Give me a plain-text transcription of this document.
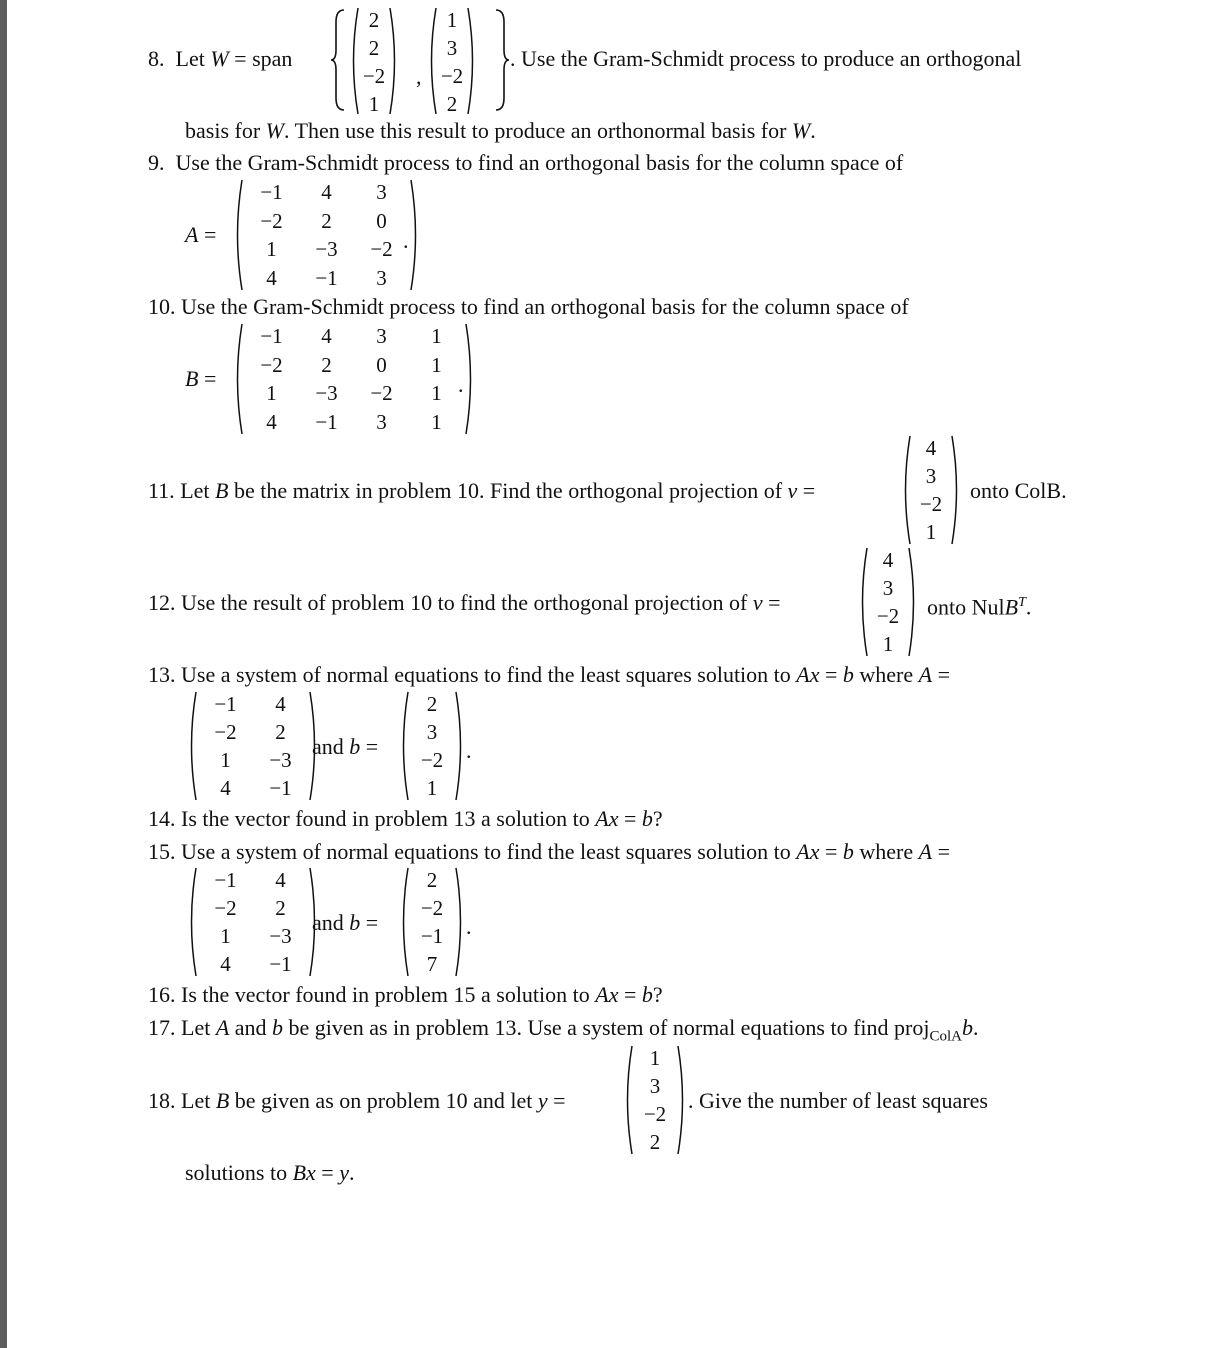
8. Let W = span
2
2
−2
1
,
1
3
−2
2
. Use the Gram-Schmidt process to produce an orthogonal
basis for W. Then use this result to produce an orthonormal basis for W.
9. Use the Gram-Schmidt process to find an orthogonal basis for the column space of
A =
−1	4	3
−2	2	0
1	−3	−2
4	−1	3
.
10. Use the Gram-Schmidt process to find an orthogonal basis for the column space of
B =
−1	4	3	1
−2	2	0	1
1	−3	−2	1
4	−1	3	1
.
11. Let B be the matrix in problem 10. Find the orthogonal projection of v =
4
3
−2
1
onto ColB.
12. Use the result of problem 10 to find the orthogonal projection of v =
4
3
−2
1
onto NulB$^T$.
13. Use a system of normal equations to find the least squares solution to Ax = b where A =
−1	4
−2	2
1	−3
4	−1
and b =
2
3
−2
1
.
14. Is the vector found in problem 13 a solution to Ax = b?
15. Use a system of normal equations to find the least squares solution to Ax = b where A =
−1	4
−2	2
1	−3
4	−1
and b =
2
−2
−1
7
.
16. Is the vector found in problem 15 a solution to Ax = b?
17. Let A and b be given as in problem 13. Use a system of normal equations to find proj$_{ColA}$b.
18. Let B be given as on problem 10 and let y =
1
3
−2
2
. Give the number of least squares
solutions to Bx = y.
